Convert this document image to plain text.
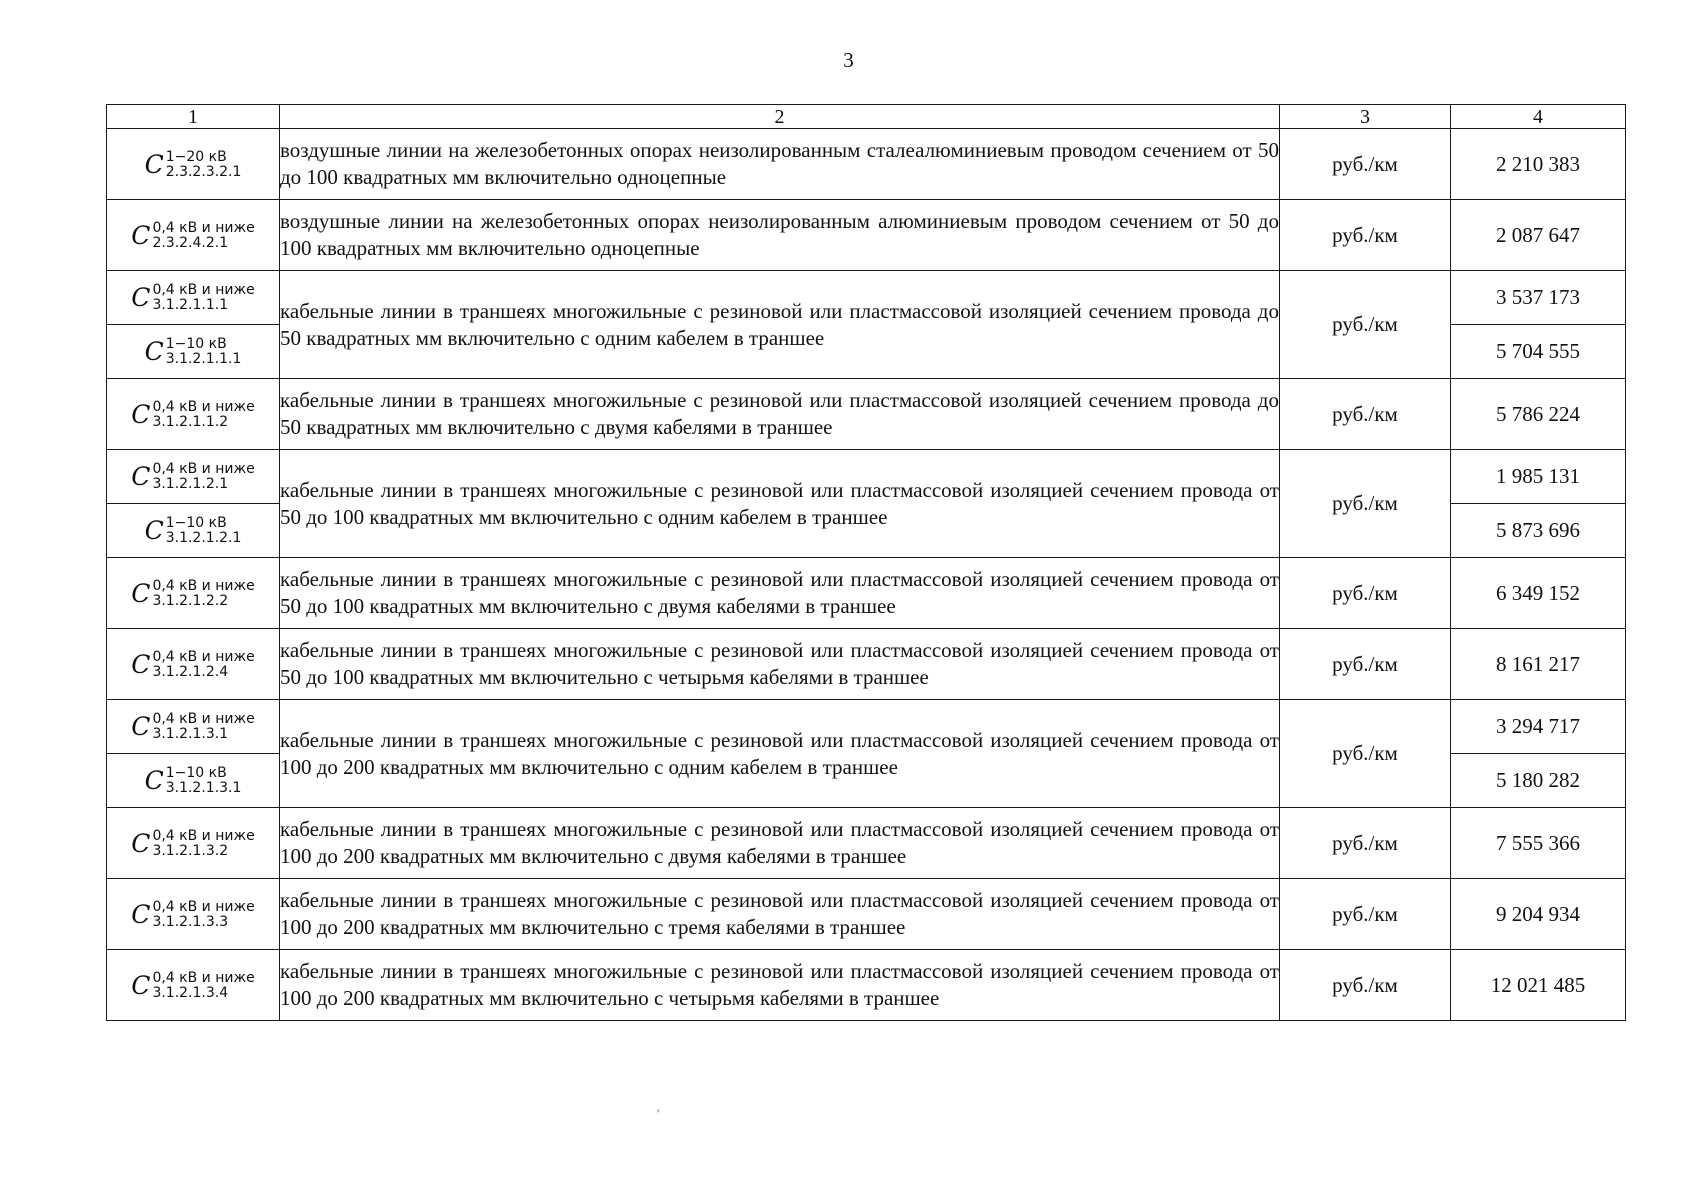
3
1	2	3	4

C 1−20 кВ
2.3.2.3.2.1	воздушные линии на железобетонных опорах неизолированным сталеалюминиевым проводом сечением от 50 до 100 квадратных мм включительно одноцепные	руб./км	2 210 383

C 0,4 кВ и ниже
2.3.2.4.2.1	воздушные линии на железобетонных опорах неизолированным алюминиевым проводом сечением от 50 до 100 квадратных мм включительно одноцепные	руб./км	2 087 647

C 0,4 кВ и ниже
3.1.2.1.1.1	кабельные линии в траншеях многожильные с резиновой или пластмассовой изоляцией сечением провода до 50 квадратных мм включительно с одним кабелем в траншее	руб./км	3 537 173

C 1−10 кВ
3.1.2.1.1.1			5 704 555

C 0,4 кВ и ниже
3.1.2.1.1.2	кабельные линии в траншеях многожильные с резиновой или пластмассовой изоляцией сечением провода до 50 квадратных мм включительно с двумя кабелями в траншее	руб./км	5 786 224

C 0,4 кВ и ниже
3.1.2.1.2.1	кабельные линии в траншеях многожильные с резиновой или пластмассовой изоляцией сечением провода от 50 до 100 квадратных мм включительно с одним кабелем в траншее	руб./км	1 985 131

C 1−10 кВ
3.1.2.1.2.1			5 873 696

C 0,4 кВ и ниже
3.1.2.1.2.2	кабельные линии в траншеях многожильные с резиновой или пластмассовой изоляцией сечением провода от 50 до 100 квадратных мм включительно с двумя кабелями в траншее	руб./км	6 349 152

C 0,4 кВ и ниже
3.1.2.1.2.4	кабельные линии в траншеях многожильные с резиновой или пластмассовой изоляцией сечением провода от 50 до 100 квадратных мм включительно с четырьмя кабелями в траншее	руб./км	8 161 217

C 0,4 кВ и ниже
3.1.2.1.3.1	кабельные линии в траншеях многожильные с резиновой или пластмассовой изоляцией сечением провода от 100 до 200 квадратных мм включительно с одним кабелем в траншее	руб./км	3 294 717

C 1−10 кВ
3.1.2.1.3.1			5 180 282

C 0,4 кВ и ниже
3.1.2.1.3.2	кабельные линии в траншеях многожильные с резиновой или пластмассовой изоляцией сечением провода от 100 до 200 квадратных мм включительно с двумя кабелями в траншее	руб./км	7 555 366

C 0,4 кВ и ниже
3.1.2.1.3.3	кабельные линии в траншеях многожильные с резиновой или пластмассовой изоляцией сечением провода от 100 до 200 квадратных мм включительно с тремя кабелями в траншее	руб./км	9 204 934

C 0,4 кВ и ниже
3.1.2.1.3.4	кабельные линии в траншеях многожильные с резиновой или пластмассовой изоляцией сечением провода от 100 до 200 квадратных мм включительно с четырьмя кабелями в траншее	руб./км	12 021 485
’
